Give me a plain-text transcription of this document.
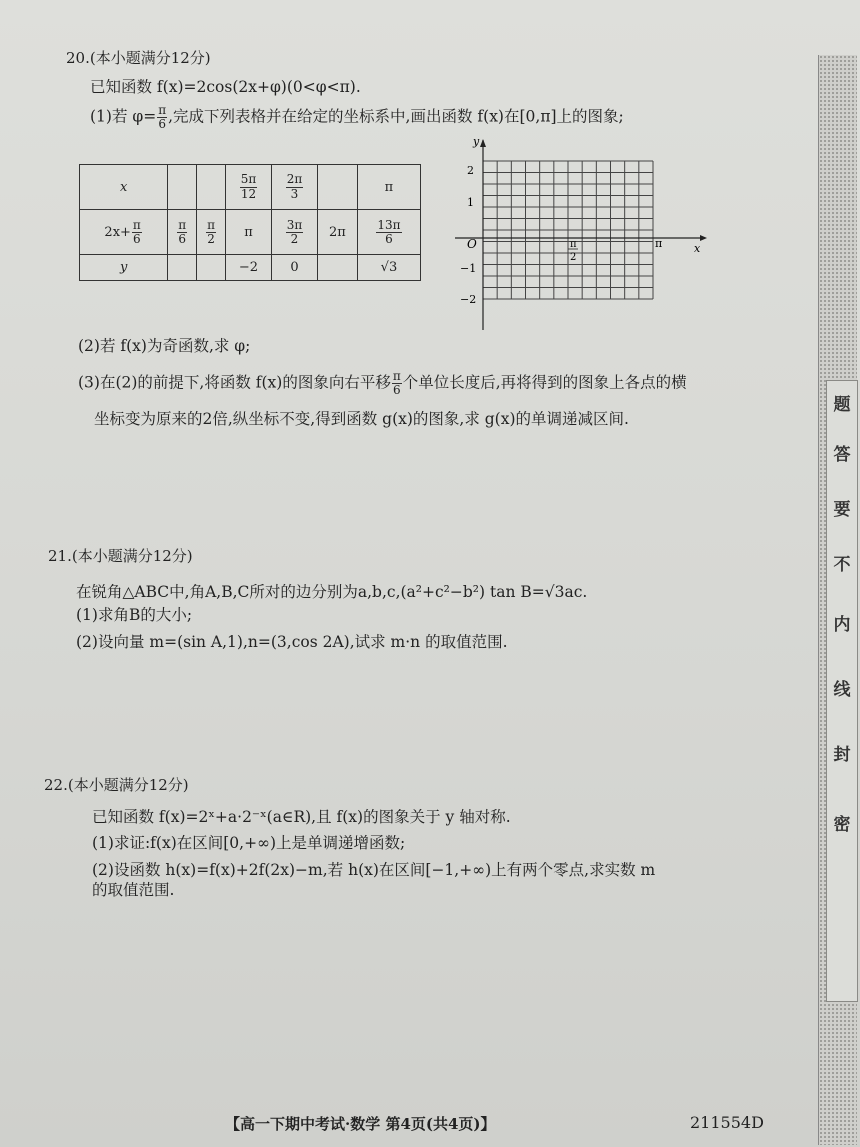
20.(本小题满分12分)
已知函数 f(x)=2cos(2x+φ)(0<φ<π).
(1)若 $\varphi= \frac{\pi}{6}$ ,完成下列表格并在给定的坐标系中,画出函数 f(x)在[0,π]上的图象;
x			$\frac{5\pi}{12}$	$\frac{2\pi}{3}$		π
$2x+ \frac{\pi}{6}$	$\frac{\pi}{6}$	$\frac{\pi}{2}$	π	$\frac{3\pi}{2}$	2π	$\frac{13\pi}{6}$

y			−2	0		√3
y
x
O
2
1
−1
−2
π
2
π
(2)若 f(x)为奇函数,求 φ;
(3)在(2)的前提下,将函数 f(x)的图象向右平移 $\frac{\pi}{6}$ 个单位长度后,再将得到的图象上各点的横
坐标变为原来的2倍,纵坐标不变,得到函数 g(x)的图象,求 g(x)的单调递减区间.
21.(本小题满分12分)
在锐角△ABC中,角A,B,C所对的边分别为a,b,c,(a²+c²−b²) tan B=√3ac.
(1)求角B的大小;
(2)设向量 m=(sin A,1),n=(3,cos 2A),试求 m·n 的取值范围.
22.(本小题满分12分)
已知函数 f(x)=2ˣ+a·2⁻ˣ(a∈R),且 f(x)的图象关于 y 轴对称.
(1)求证:f(x)在区间[0,+∞)上是单调递增函数;
(2)设函数 h(x)=f(x)+2f(2x)−m,若 h(x)在区间[−1,+∞)上有两个零点,求实数 m
的取值范围.
【高一下期中考试·数学 第4页(共4页)】	211554D
题
答
要
不
内
线
封
密
